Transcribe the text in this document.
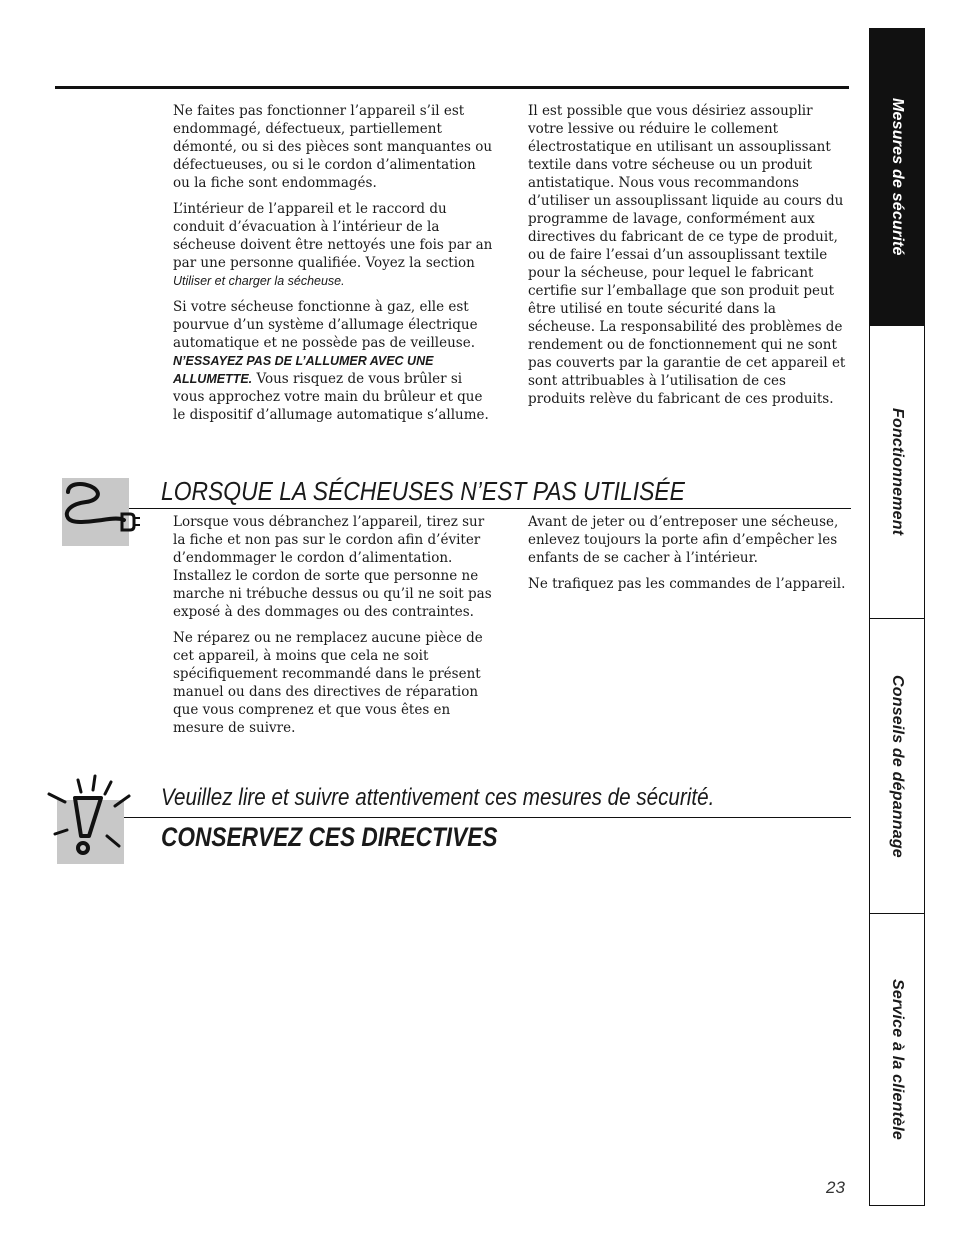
Ne faites pas fonctionner l’appareil s’il est endommagé, défectueux, partiellement démonté, ou si des pièces sont manquantes ou défectueuses, ou si le cordon d’alimentation ou la fiche sont endommagés.

L’intérieur de l’appareil et le raccord du conduit d’évacuation à l’intérieur de la sécheuse doivent être nettoyés une fois par an par une personne qualifiée. Voyez la section Utiliser et charger la sécheuse.

Si votre sécheuse fonctionne à gaz, elle est pourvue d’un système d’allumage électrique automatique et ne possède pas de veilleuse. N’ESSAYEZ PAS DE L’ALLUMER AVEC UNE ALLUMETTE. Vous risquez de vous brûler si vous approchez votre main du brûleur et que le dispositif d’allumage automatique s’allume.

Il est possible que vous désiriez assouplir votre lessive ou réduire le collement électrostatique en utilisant un assouplissant textile dans votre sécheuse ou un produit antistatique. Nous vous recommandons d’utiliser un assouplissant liquide au cours du programme de lavage, conformément aux directives du fabricant de ce type de produit, ou de faire l’essai d’un assouplissant textile pour la sécheuse, pour lequel le fabricant certifie sur l’emballage que son produit peut être utilisé en toute sécurité dans la sécheuse. La responsabilité des problèmes de rendement ou de fonctionnement qui ne sont pas couverts par la garantie de cet appareil et sont attribuables à l’utilisation de ces produits relève du fabricant de ces produits.

LORSQUE LA SÉCHEUSES N’EST PAS UTILISÉE

Lorsque vous débranchez l’appareil, tirez sur la fiche et non pas sur le cordon afin d’éviter d’endommager le cordon d’alimentation. Installez le cordon de sorte que personne ne marche ni trébuche dessus ou qu’il ne soit pas exposé à des dommages ou des contraintes.

Ne réparez ou ne remplacez aucune pièce de cet appareil, à moins que cela ne soit spécifiquement recommandé dans le présent manuel ou dans des directives de réparation que vous comprenez et que vous êtes en mesure de suivre.

Avant de jeter ou d’entreposer une sécheuse, enlevez toujours la porte afin d’empêcher les enfants de se cacher à l’intérieur.

Ne trafiquez pas les commandes de l’appareil.

Veuillez lire et suivre attentivement ces mesures de sécurité.
CONSERVEZ CES DIRECTIVES
Mesures de sécurité
Fonctionnement
Conseils de dépannage
Service à la clientèle
23
